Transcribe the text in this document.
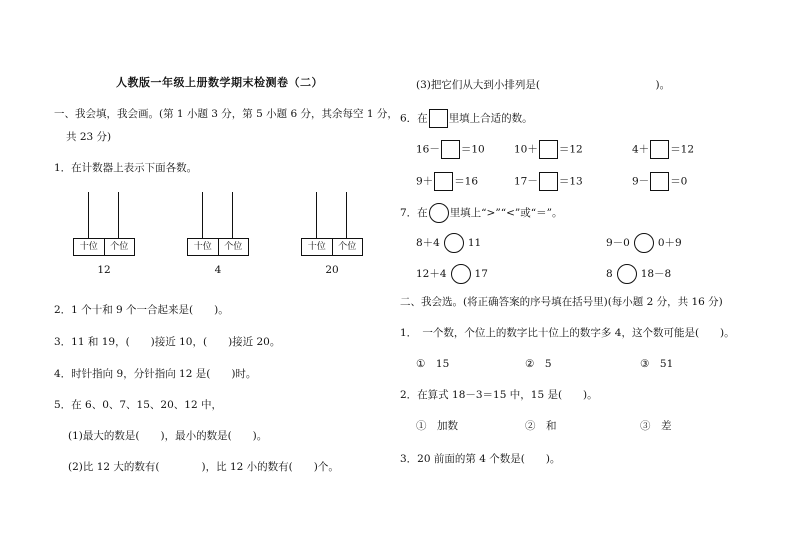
人教版一年级上册数学期末检测卷（二）
一、我会填，我会画。(第 1 小题 3 分，第 5 小题 6 分，其余每空 1 分，
共 23 分)
1．在计数器上表示下面各数。
十位	个位
12
十位	个位
4
十位	个位
20
2．1 个十和 9 个一合起来是(　　)。
3．11 和 19，(　　)接近 10，(　　)接近 20。
4．时针指向 9，分针指向 12 是(　　)时。
5．在 6、0、7、15、20、12 中，
(1)最大的数是(　　)，最小的数是(　　)。
(2)比 12 大的数有(　　　　)，比 12 小的数有(　　)个。
(3)把它们从大到小排列是(　　　　　　　　　　　)。
6．在 里填上合适的数。
16－ ＝10	10＋ ＝12	4＋ ＝12
9＋ ＝16	17－ ＝13	9－ ＝0
7．在 里填上“>”“<”或“＝”。
8＋4	11	9－0	0＋9
12＋4	17	8	18－8
二、我会选。(将正确答案的序号填在括号里)(每小题 2 分，共 16 分)
1．　一个数，个位上的数字比十位上的数字多 4，这个数可能是(　　)。
①　15	②　5	③　51
2．在算式 18－3＝15 中，15 是(　　)。
①　加数	②　和	③　差
3．20 前面的第 4 个数是(　　)。
